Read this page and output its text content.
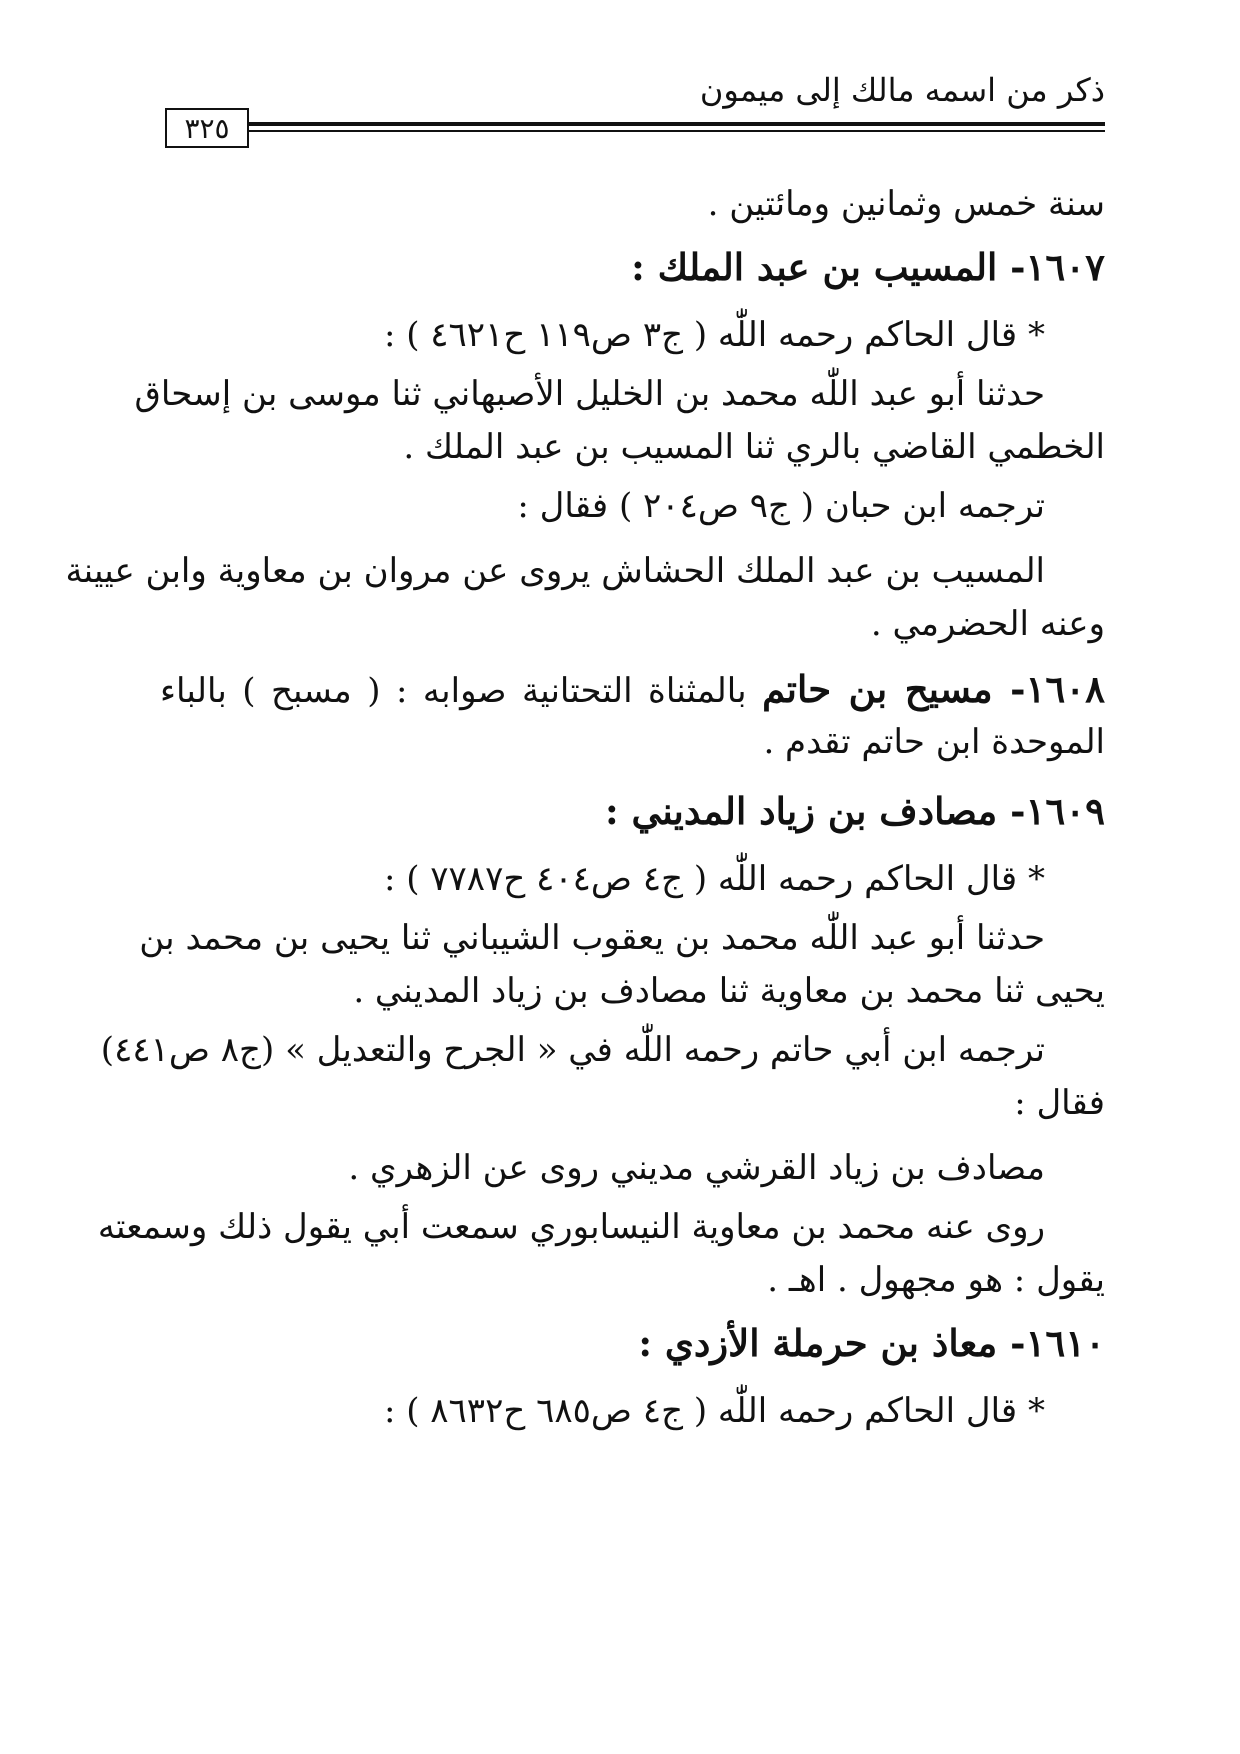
ذكر من اسمه مالك إلى ميمون
٣٢٥
سنة خمس وثمانين ومائتين .
١٦٠٧- المسيب بن عبد الملك :
* قال الحاكم رحمه اللّٰه ( ج٣ ص١١٩ ح٤٦٢١ ) :
حدثنا أبو عبد اللّٰه محمد بن الخليل الأصبهاني ثنا موسى بن إسحاق
الخطمي القاضي بالري ثنا المسيب بن عبد الملك .
ترجمه ابن حبان ( ج٩ ص٢٠٤ ) فقال :
المسيب بن عبد الملك الحشاش يروى عن مروان بن معاوية وابن عيينة
وعنه الحضرمي .
١٦٠٨- مسيح بن حاتم بالمثناة التحتانية صوابه : ( مسبح ) بالباء
الموحدة ابن حاتم تقدم .
١٦٠٩- مصادف بن زياد المديني :
* قال الحاكم رحمه اللّٰه ( ج٤ ص٤٠٤ ح٧٧٨٧ ) :
حدثنا أبو عبد اللّٰه محمد بن يعقوب الشيباني ثنا يحيى بن محمد بن
يحيى ثنا محمد بن معاوية ثنا مصادف بن زياد المديني .
ترجمه ابن أبي حاتم رحمه اللّٰه في « الجرح والتعديل » (ج٨ ص٤٤١)
فقال :
مصادف بن زياد القرشي مديني روى عن الزهري .
روى عنه محمد بن معاوية النيسابوري سمعت أبي يقول ذلك وسمعته
يقول : هو مجهول . اهـ .
١٦١٠- معاذ بن حرملة الأزدي :
* قال الحاكم رحمه اللّٰه ( ج٤ ص٦٨٥ ح٨٦٣٢ ) :
